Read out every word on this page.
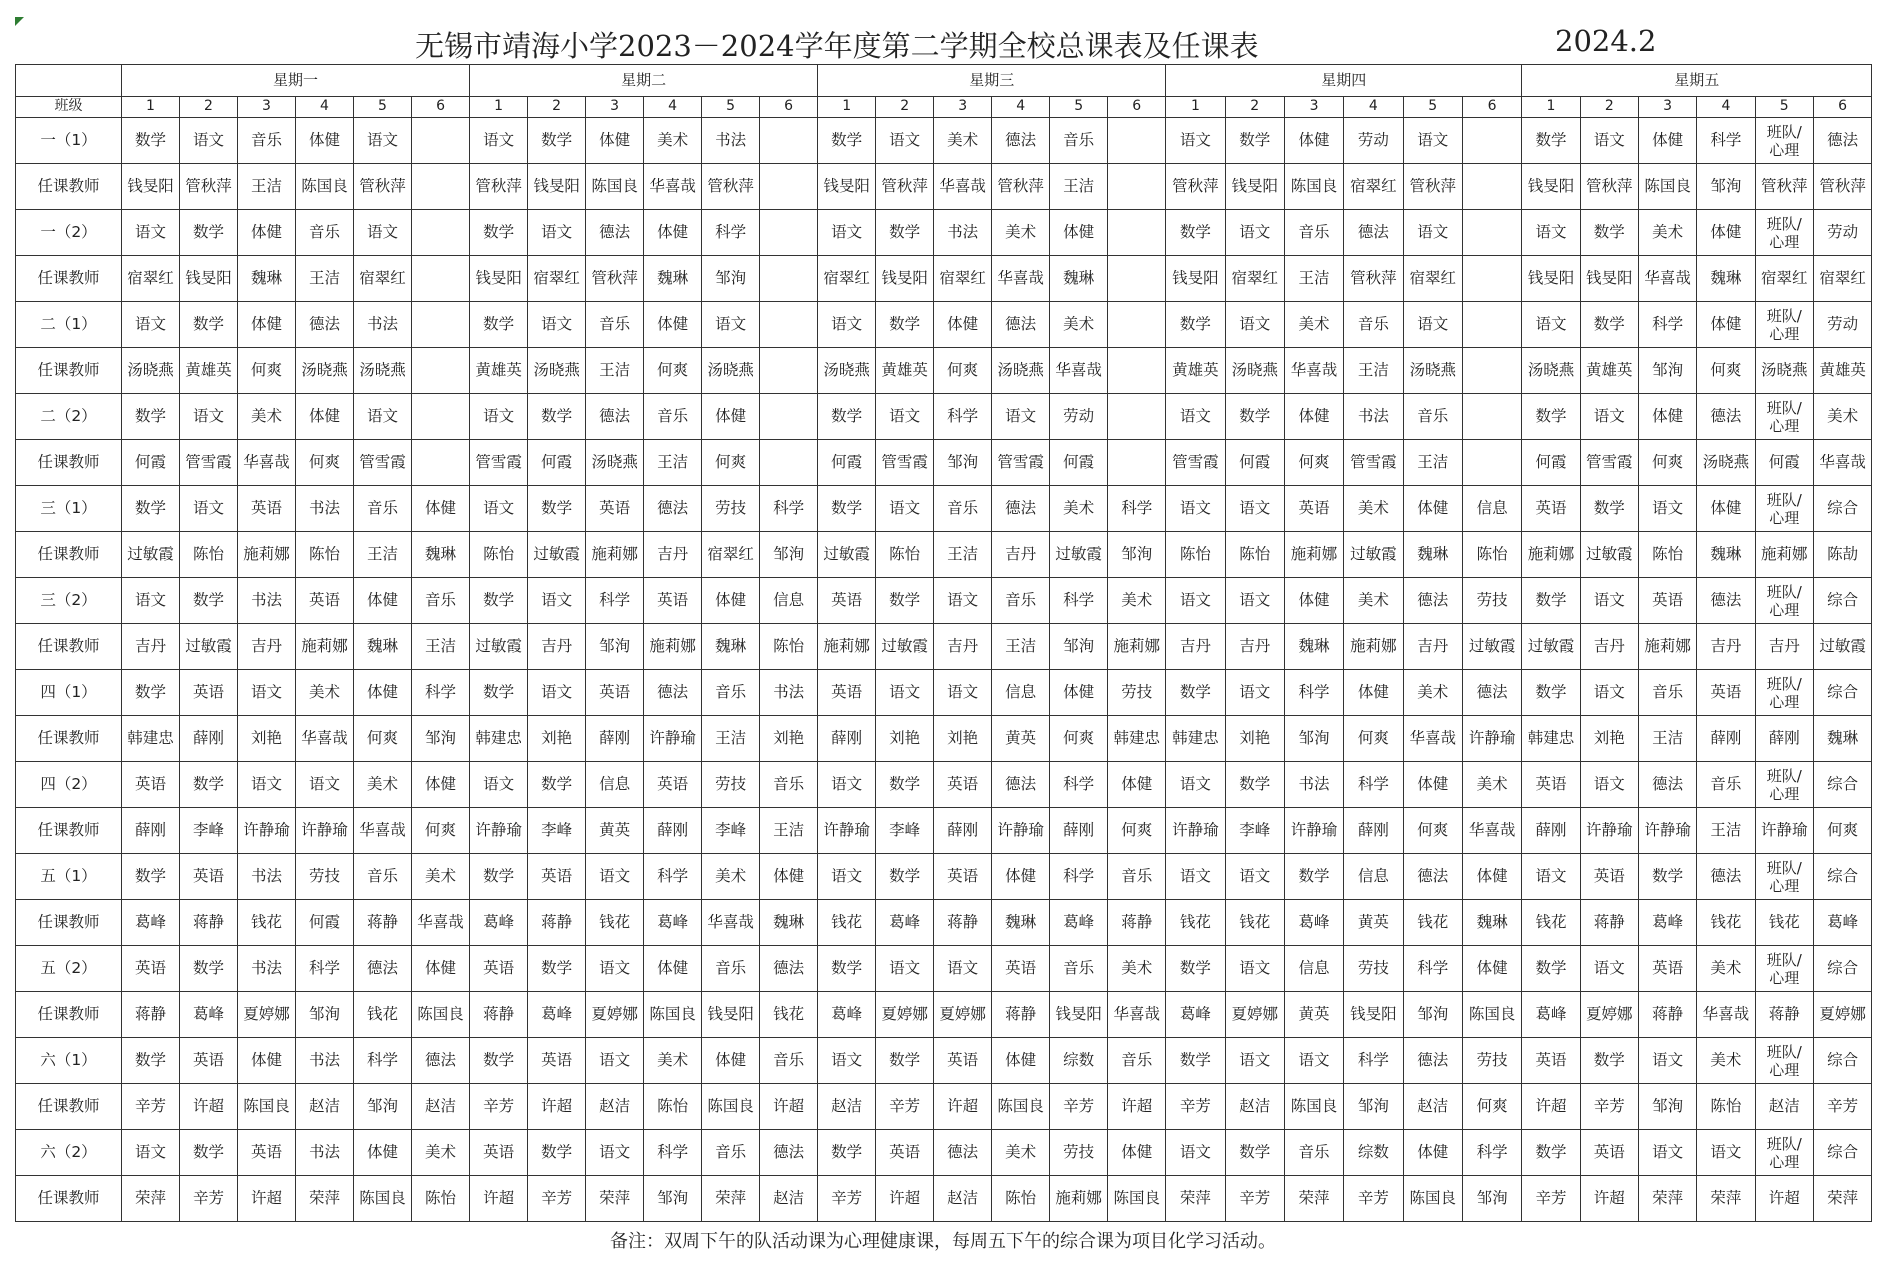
无锡市靖海小学2023－2024学年度第二学期全校总课表及任课表	2024.2
	星期一						星期二						星期三						星期四						星期五					
班级	1	2	3	4	5	6	1	2	3	4	5	6	1	2	3	4	5	6	1	2	3	4	5	6	1	2	3	4	5	6
一（1）	数学	语文	音乐	体健	语文		语文	数学	体健	美术	书法		数学	语文	美术	德法	音乐		语文	数学	体健	劳动	语文		数学	语文	体健	科学	班队/
心理	德法
任课教师	钱旻阳	管秋萍	王洁	陈国良	管秋萍		管秋萍	钱旻阳	陈国良	华喜哉	管秋萍		钱旻阳	管秋萍	华喜哉	管秋萍	王洁		管秋萍	钱旻阳	陈国良	宿翠红	管秋萍		钱旻阳	管秋萍	陈国良	邹洵	管秋萍	管秋萍
一（2）	语文	数学	体健	音乐	语文		数学	语文	德法	体健	科学		语文	数学	书法	美术	体健		数学	语文	音乐	德法	语文		语文	数学	美术	体健	班队/
心理	劳动
任课教师	宿翠红	钱旻阳	魏琳	王洁	宿翠红		钱旻阳	宿翠红	管秋萍	魏琳	邹洵		宿翠红	钱旻阳	宿翠红	华喜哉	魏琳		钱旻阳	宿翠红	王洁	管秋萍	宿翠红		钱旻阳	钱旻阳	华喜哉	魏琳	宿翠红	宿翠红
二（1）	语文	数学	体健	德法	书法		数学	语文	音乐	体健	语文		语文	数学	体健	德法	美术		数学	语文	美术	音乐	语文		语文	数学	科学	体健	班队/
心理	劳动
任课教师	汤晓燕	黄雄英	何爽	汤晓燕	汤晓燕		黄雄英	汤晓燕	王洁	何爽	汤晓燕		汤晓燕	黄雄英	何爽	汤晓燕	华喜哉		黄雄英	汤晓燕	华喜哉	王洁	汤晓燕		汤晓燕	黄雄英	邹洵	何爽	汤晓燕	黄雄英
二（2）	数学	语文	美术	体健	语文		语文	数学	德法	音乐	体健		数学	语文	科学	语文	劳动		语文	数学	体健	书法	音乐		数学	语文	体健	德法	班队/
心理	美术
任课教师	何霞	管雪霞	华喜哉	何爽	管雪霞		管雪霞	何霞	汤晓燕	王洁	何爽		何霞	管雪霞	邹洵	管雪霞	何霞		管雪霞	何霞	何爽	管雪霞	王洁		何霞	管雪霞	何爽	汤晓燕	何霞	华喜哉
三（1）	数学	语文	英语	书法	音乐	体健	语文	数学	英语	德法	劳技	科学	数学	语文	音乐	德法	美术	科学	语文	语文	英语	美术	体健	信息	英语	数学	语文	体健	班队/
心理	综合
任课教师	过敏霞	陈怡	施莉娜	陈怡	王洁	魏琳	陈怡	过敏霞	施莉娜	吉丹	宿翠红	邹洵	过敏霞	陈怡	王洁	吉丹	过敏霞	邹洵	陈怡	陈怡	施莉娜	过敏霞	魏琳	陈怡	施莉娜	过敏霞	陈怡	魏琳	施莉娜	陈劼
三（2）	语文	数学	书法	英语	体健	音乐	数学	语文	科学	英语	体健	信息	英语	数学	语文	音乐	科学	美术	语文	语文	体健	美术	德法	劳技	数学	语文	英语	德法	班队/
心理	综合
任课教师	吉丹	过敏霞	吉丹	施莉娜	魏琳	王洁	过敏霞	吉丹	邹洵	施莉娜	魏琳	陈怡	施莉娜	过敏霞	吉丹	王洁	邹洵	施莉娜	吉丹	吉丹	魏琳	施莉娜	吉丹	过敏霞	过敏霞	吉丹	施莉娜	吉丹	吉丹	过敏霞
四（1）	数学	英语	语文	美术	体健	科学	数学	语文	英语	德法	音乐	书法	英语	语文	语文	信息	体健	劳技	数学	语文	科学	体健	美术	德法	数学	语文	音乐	英语	班队/
心理	综合
任课教师	韩建忠	薛刚	刘艳	华喜哉	何爽	邹洵	韩建忠	刘艳	薛刚	许静瑜	王洁	刘艳	薛刚	刘艳	刘艳	黄英	何爽	韩建忠	韩建忠	刘艳	邹洵	何爽	华喜哉	许静瑜	韩建忠	刘艳	王洁	薛刚	薛刚	魏琳
四（2）	英语	数学	语文	语文	美术	体健	语文	数学	信息	英语	劳技	音乐	语文	数学	英语	德法	科学	体健	语文	数学	书法	科学	体健	美术	英语	语文	德法	音乐	班队/
心理	综合
任课教师	薛刚	李峰	许静瑜	许静瑜	华喜哉	何爽	许静瑜	李峰	黄英	薛刚	李峰	王洁	许静瑜	李峰	薛刚	许静瑜	薛刚	何爽	许静瑜	李峰	许静瑜	薛刚	何爽	华喜哉	薛刚	许静瑜	许静瑜	王洁	许静瑜	何爽
五（1）	数学	英语	书法	劳技	音乐	美术	数学	英语	语文	科学	美术	体健	语文	数学	英语	体健	科学	音乐	语文	语文	数学	信息	德法	体健	语文	英语	数学	德法	班队/
心理	综合
任课教师	葛峰	蒋静	钱花	何霞	蒋静	华喜哉	葛峰	蒋静	钱花	葛峰	华喜哉	魏琳	钱花	葛峰	蒋静	魏琳	葛峰	蒋静	钱花	钱花	葛峰	黄英	钱花	魏琳	钱花	蒋静	葛峰	钱花	钱花	葛峰
五（2）	英语	数学	书法	科学	德法	体健	英语	数学	语文	体健	音乐	德法	数学	语文	语文	英语	音乐	美术	数学	语文	信息	劳技	科学	体健	数学	语文	英语	美术	班队/
心理	综合
任课教师	蒋静	葛峰	夏婷娜	邹洵	钱花	陈国良	蒋静	葛峰	夏婷娜	陈国良	钱旻阳	钱花	葛峰	夏婷娜	夏婷娜	蒋静	钱旻阳	华喜哉	葛峰	夏婷娜	黄英	钱旻阳	邹洵	陈国良	葛峰	夏婷娜	蒋静	华喜哉	蒋静	夏婷娜
六（1）	数学	英语	体健	书法	科学	德法	数学	英语	语文	美术	体健	音乐	语文	数学	英语	体健	综数	音乐	数学	语文	语文	科学	德法	劳技	英语	数学	语文	美术	班队/
心理	综合
任课教师	辛芳	许超	陈国良	赵洁	邹洵	赵洁	辛芳	许超	赵洁	陈怡	陈国良	许超	赵洁	辛芳	许超	陈国良	辛芳	许超	辛芳	赵洁	陈国良	邹洵	赵洁	何爽	许超	辛芳	邹洵	陈怡	赵洁	辛芳
六（2）	语文	数学	英语	书法	体健	美术	英语	数学	语文	科学	音乐	德法	数学	英语	德法	美术	劳技	体健	语文	数学	音乐	综数	体健	科学	数学	英语	语文	语文	班队/
心理	综合
任课教师	荣萍	辛芳	许超	荣萍	陈国良	陈怡	许超	辛芳	荣萍	邹洵	荣萍	赵洁	辛芳	许超	赵洁	陈怡	施莉娜	陈国良	荣萍	辛芳	荣萍	辛芳	陈国良	邹洵	辛芳	许超	荣萍	荣萍	许超	荣萍
备注：双周下午的队活动课为心理健康课，每周五下午的综合课为项目化学习活动。
